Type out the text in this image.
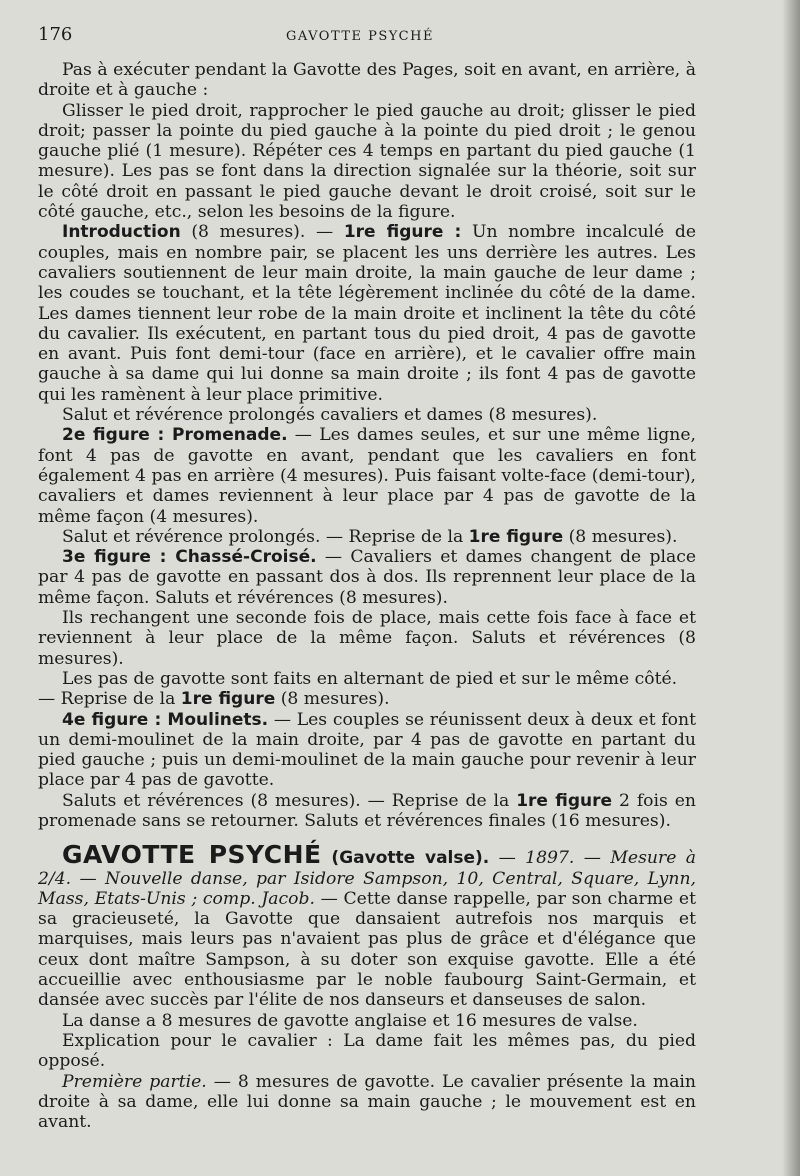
176	GAVOTTE PSYCHÉ

Pas à exécuter pendant la Gavotte des Pages, soit en avant, en arrière, à droite et à gauche :

Glisser le pied droit, rapprocher le pied gauche au droit; glisser le pied droit; passer la pointe du pied gauche à la pointe du pied droit ; le genou gauche plié (1 mesure). Répéter ces 4 temps en partant du pied gauche (1 mesure). Les pas se font dans la direction signalée sur la théorie, soit sur le côté droit en passant le pied gauche devant le droit croisé, soit sur le côté gauche, etc., selon les besoins de la figure.

Introduction (8 mesures). — 1re figure : Un nombre incalculé de couples, mais en nombre pair, se placent les uns derrière les autres. Les cavaliers soutiennent de leur main droite, la main gauche de leur dame ; les coudes se touchant, et la tête légèrement inclinée du côté de la dame. Les dames tiennent leur robe de la main droite et inclinent la tête du côté du cavalier. Ils exécutent, en partant tous du pied droit, 4 pas de gavotte en avant. Puis font demi-tour (face en arrière), et le cavalier offre main gauche à sa dame qui lui donne sa main droite ; ils font 4 pas de gavotte qui les ramènent à leur place primitive.

Salut et révérence prolongés cavaliers et dames (8 mesures).

2e figure : Promenade. — Les dames seules, et sur une même ligne, font 4 pas de gavotte en avant, pendant que les cavaliers en font également 4 pas en arrière (4 mesures). Puis faisant volte-face (demi-tour), cavaliers et dames reviennent à leur place par 4 pas de gavotte de la même façon (4 mesures).

Salut et révérence prolongés. — Reprise de la 1re figure (8 mesures).

3e figure : Chassé-Croisé. — Cavaliers et dames changent de place par 4 pas de gavotte en passant dos à dos. Ils reprennent leur place de la même façon. Saluts et révérences (8 mesures).

Ils rechangent une seconde fois de place, mais cette fois face à face et reviennent à leur place de la même façon. Saluts et révérences (8 mesures).

Les pas de gavotte sont faits en alternant de pied et sur le même côté.

— Reprise de la 1re figure (8 mesures).

4e figure : Moulinets. — Les couples se réunissent deux à deux et font un demi-moulinet de la main droite, par 4 pas de gavotte en partant du pied gauche ; puis un demi-moulinet de la main gauche pour revenir à leur place par 4 pas de gavotte.

Saluts et révérences (8 mesures). — Reprise de la 1re figure 2 fois en promenade sans se retourner. Saluts et révérences finales (16 mesures).

GAVOTTE PSYCHÉ (Gavotte valse). — 1897. — Mesure à 2/4. — Nouvelle danse, par Isidore Sampson, 10, Central, Square, Lynn, Mass, Etats-Unis ; comp. Jacob. — Cette danse rappelle, par son charme et sa gracieuseté, la Gavotte que dansaient autrefois nos marquis et marquises, mais leurs pas n'avaient pas plus de grâce et d'élégance que ceux dont maître Sampson, à su doter son exquise gavotte. Elle a été accueillie avec enthousiasme par le noble faubourg Saint-Germain, et dansée avec succès par l'élite de nos danseurs et danseuses de salon.

La danse a 8 mesures de gavotte anglaise et 16 mesures de valse.

Explication pour le cavalier : La dame fait les mêmes pas, du pied opposé.

Première partie. — 8 mesures de gavotte. Le cavalier présente la main droite à sa dame, elle lui donne sa main gauche ; le mouvement est en avant.
